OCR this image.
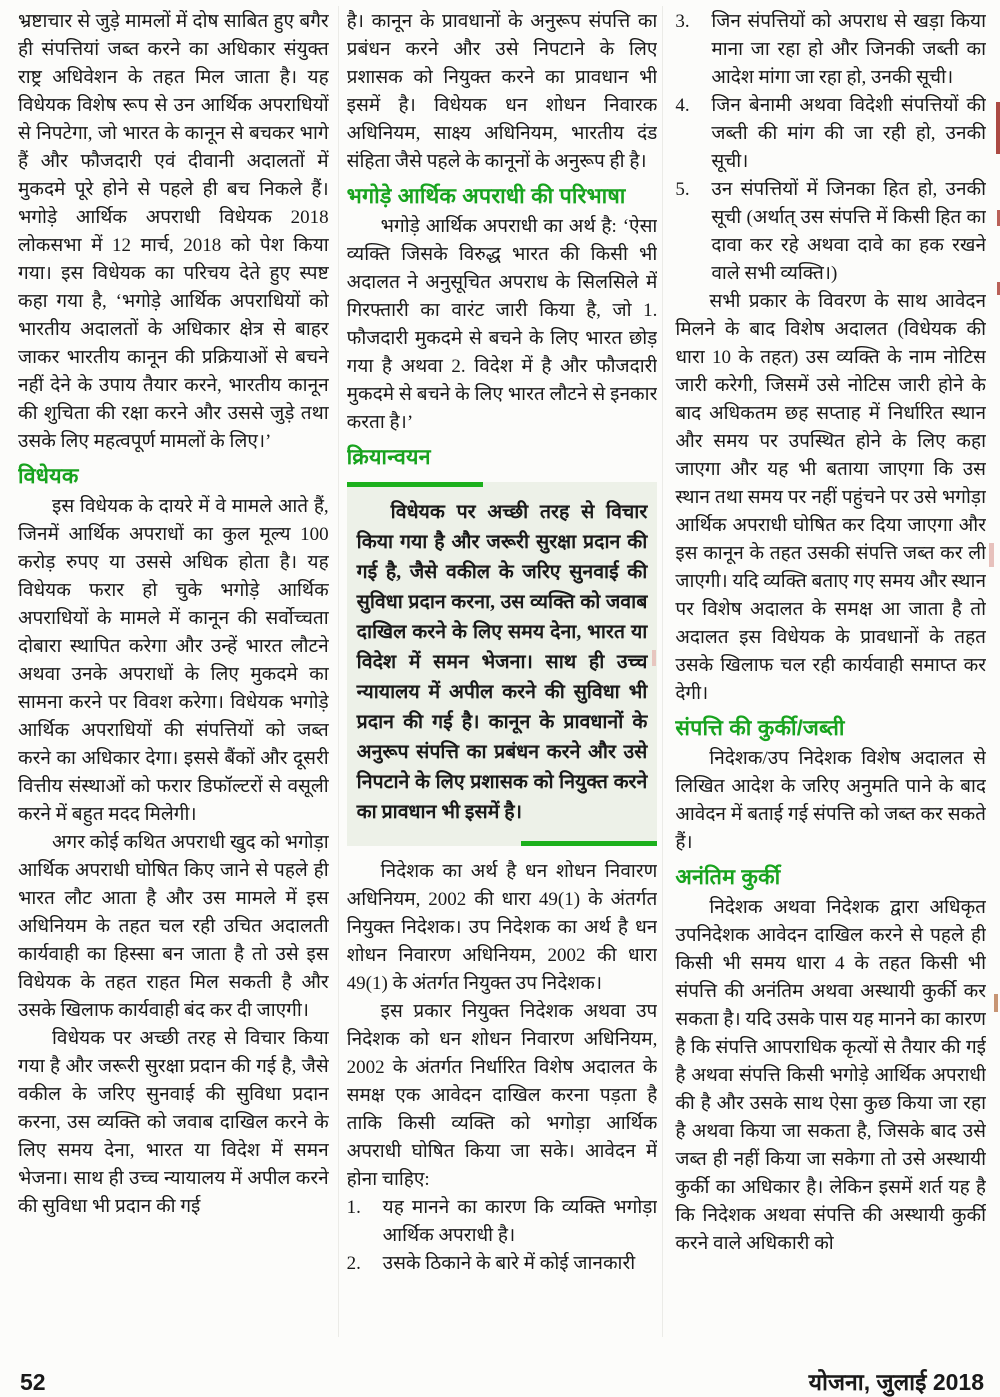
भ्रष्टाचार से जुड़े मामलों में दोष साबित हुए बगैर ही संपत्तियां जब्त करने का अधिकार संयुक्त राष्ट्र अधिवेशन के तहत मिल जाता है। यह विधेयक विशेष रूप से उन आर्थिक अपराधियों से निपटेगा, जो भारत के कानून से बचकर भागे हैं और फौजदारी एवं दीवानी अदालतों में मुकदमे पूरे होने से पहले ही बच निकले हैं। भगोड़े आर्थिक अपराधी विधेयक 2018 लोकसभा में 12 मार्च, 2018 को पेश किया गया। इस विधेयक का परिचय देते हुए स्पष्ट कहा गया है, ‘भगोड़े आर्थिक अपराधियों को भारतीय अदालतों के अधिकार क्षेत्र से बाहर जाकर भारतीय कानून की प्रक्रियाओं से बचने नहीं देने के उपाय तैयार करने, भारतीय कानून की शुचिता की रक्षा करने और उससे जुड़े तथा उसके लिए महत्वपूर्ण मामलों के लिए।’

विधेयक

इस विधेयक के दायरे में वे मामले आते हैं, जिनमें आर्थिक अपराधों का कुल मूल्य 100 करोड़ रुपए या उससे अधिक होता है। यह विधेयक फरार हो चुके भगोड़े आर्थिक अपराधियों के मामले में कानून की सर्वोच्चता दोबारा स्थापित करेगा और उन्हें भारत लौटने अथवा उनके अपराधों के लिए मुकदमे का सामना करने पर विवश करेगा। विधेयक भगोड़े आर्थिक अपराधियों की संपत्तियों को जब्त करने का अधिकार देगा। इससे बैंकों और दूसरी वित्तीय संस्थाओं को फरार डिफॉल्टरों से वसूली करने में बहुत मदद मिलेगी।

अगर कोई कथित अपराधी खुद को भगोड़ा आर्थिक अपराधी घोषित किए जाने से पहले ही भारत लौट आता है और उस मामले में इस अधिनियम के तहत चल रही उचित अदालती कार्यवाही का हिस्सा बन जाता है तो उसे इस विधेयक के तहत राहत मिल सकती है और उसके खिलाफ कार्यवाही बंद कर दी जाएगी।

विधेयक पर अच्छी तरह से विचार किया गया है और जरूरी सुरक्षा प्रदान की गई है, जैसे वकील के जरिए सुनवाई की सुविधा प्रदान करना, उस व्यक्ति को जवाब दाखिल करने के लिए समय देना, भारत या विदेश में समन भेजना। साथ ही उच्च न्यायालय में अपील करने की सुविधा भी प्रदान की गई

है। कानून के प्रावधानों के अनुरूप संपत्ति का प्रबंधन करने और उसे निपटाने के लिए प्रशासक को नियुक्त करने का प्रावधान भी इसमें है। विधेयक धन शोधन निवारक अधिनियम, साक्ष्य अधिनियम, भारतीय दंड संहिता जैसे पहले के कानूनों के अनुरूप ही है।

भगोड़े आर्थिक अपराधी की परिभाषा

भगोड़े आर्थिक अपराधी का अर्थ है: ‘ऐसा व्यक्ति जिसके विरुद्ध भारत की किसी भी अदालत ने अनुसूचित अपराध के सिलसिले में गिरफ्तारी का वारंट जारी किया है, जो 1. फौजदारी मुकदमे से बचने के लिए भारत छोड़ गया है अथवा 2. विदेश में है और फौजदारी मुकदमे से बचने के लिए भारत लौटने से इनकार करता है।’

क्रियान्वयन

विधेयक पर अच्छी तरह से विचार किया गया है और जरूरी सुरक्षा प्रदान की गई है, जैसे वकील के जरिए सुनवाई की सुविधा प्रदान करना, उस व्यक्ति को जवाब दाखिल करने के लिए समय देना, भारत या विदेश में समन भेजना। साथ ही उच्च न्यायालय में अपील करने की सुविधा भी प्रदान की गई है। कानून के प्रावधानों के अनुरूप संपत्ति का प्रबंधन करने और उसे निपटाने के लिए प्रशासक को नियुक्त करने का प्रावधान भी इसमें है।

निदेशक का अर्थ है धन शोधन निवारण अधिनियम, 2002 की धारा 49(1) के अंतर्गत नियुक्त निदेशक। उप निदेशक का अर्थ है धन शोधन निवारण अधिनियम, 2002 की धारा 49(1) के अंतर्गत नियुक्त उप निदेशक।

इस प्रकार नियुक्त निदेशक अथवा उप निदेशक को धन शोधन निवारण अधिनियम, 2002 के अंतर्गत निर्धारित विशेष अदालत के समक्ष एक आवेदन दाखिल करना पड़ता है ताकि किसी व्यक्ति को भगोड़ा आर्थिक अपराधी घोषित किया जा सके। आवेदन में होना चाहिए:

1.	यह मानने का कारण कि व्यक्ति भगोड़ा आर्थिक अपराधी है।
2.	उसके ठिकाने के बारे में कोई जानकारी
3.	जिन संपत्तियों को अपराध से खड़ा किया माना जा रहा हो और जिनकी जब्ती का आदेश मांगा जा रहा हो, उनकी सूची।
4.	जिन बेनामी अथवा विदेशी संपत्तियों की जब्ती की मांग की जा रही हो, उनकी सूची।
5.	उन संपत्तियों में जिनका हित हो, उनकी सूची (अर्थात् उस संपत्ति में किसी हित का दावा कर रहे अथवा दावे का हक रखने वाले सभी व्यक्ति।)

सभी प्रकार के विवरण के साथ आवेदन मिलने के बाद विशेष अदालत (विधेयक की धारा 10 के तहत) उस व्यक्ति के नाम नोटिस जारी करेगी, जिसमें उसे नोटिस जारी होने के बाद अधिकतम छह सप्ताह में निर्धारित स्थान और समय पर उपस्थित होने के लिए कहा जाएगा और यह भी बताया जाएगा कि उस स्थान तथा समय पर नहीं पहुंचने पर उसे भगोड़ा आर्थिक अपराधी घोषित कर दिया जाएगा और इस कानून के तहत उसकी संपत्ति जब्त कर ली जाएगी। यदि व्यक्ति बताए गए समय और स्थान पर विशेष अदालत के समक्ष आ जाता है तो अदालत इस विधेयक के प्रावधानों के तहत उसके खिलाफ चल रही कार्यवाही समाप्त कर देगी।

संपत्ति की कुर्की/जब्ती

निदेशक/उप निदेशक विशेष अदालत से लिखित आदेश के जरिए अनुमति पाने के बाद आवेदन में बताई गई संपत्ति को जब्त कर सकते हैं।

अनंतिम कुर्की

निदेशक अथवा निदेशक द्वारा अधिकृत उपनिदेशक आवेदन दाखिल करने से पहले ही किसी भी समय धारा 4 के तहत किसी भी संपत्ति की अनंतिम अथवा अस्थायी कुर्की कर सकता है। यदि उसके पास यह मानने का कारण है कि संपत्ति आपराधिक कृत्यों से तैयार की गई है अथवा संपत्ति किसी भगोड़े आर्थिक अपराधी की है और उसके साथ ऐसा कुछ किया जा रहा है अथवा किया जा सकता है, जिसके बाद उसे जब्त ही नहीं किया जा सकेगा तो उसे अस्थायी कुर्की का अधिकार है। लेकिन इसमें शर्त यह है कि निदेशक अथवा संपत्ति की अस्थायी कुर्की करने वाले अधिकारी को

52	योजना, जुलाई 2018
